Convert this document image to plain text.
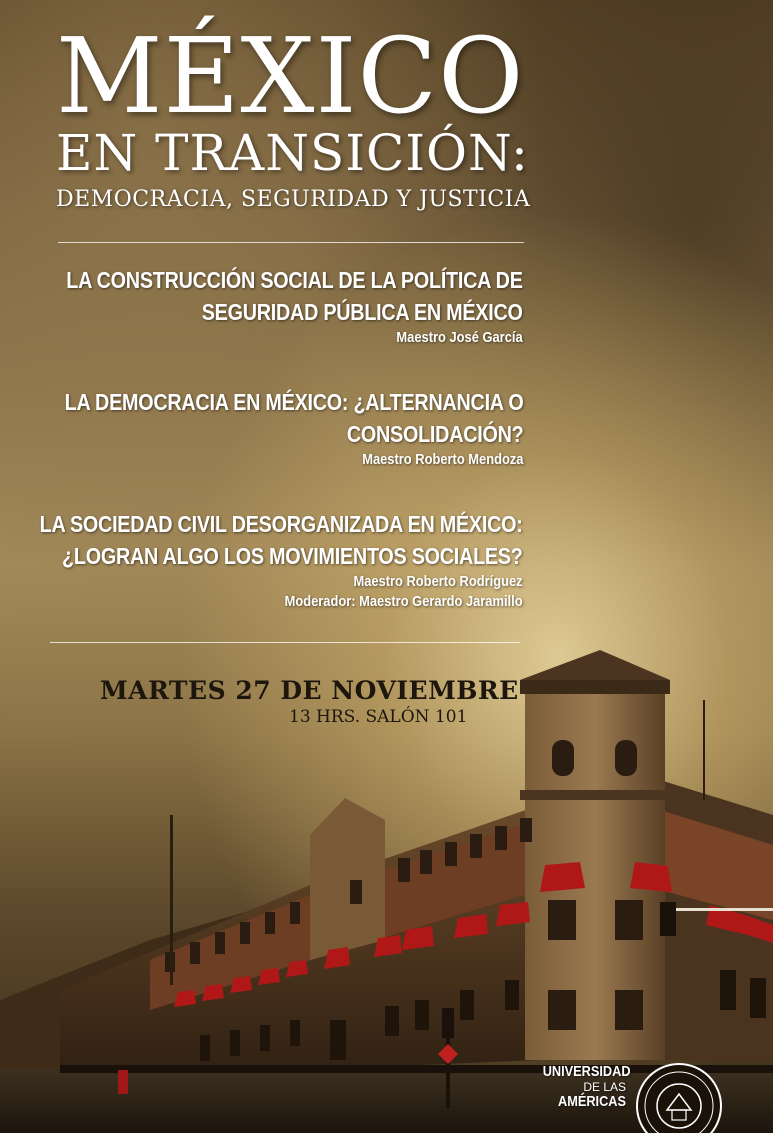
MÉXICO
EN TRANSICIÓN:
DEMOCRACIA, SEGURIDAD Y JUSTICIA

LA CONSTRUCCIÓN SOCIAL DE LA POLÍTICA DE

SEGURIDAD PÚBLICA EN MÉXICO

Maestro José García

LA DEMOCRACIA EN MÉXICO: ¿ALTERNANCIA O

CONSOLIDACIÓN?

Maestro Roberto Mendoza

LA SOCIEDAD CIVIL DESORGANIZADA EN MÉXICO:

¿LOGRAN ALGO LOS MOVIMIENTOS SOCIALES?

Maestro Roberto Rodríguez

Moderador: Maestro Gerardo Jaramillo

MARTES 27 DE NOVIEMBRE

13 HRS. SALÓN 101

UNIVERSIDAD
DE LAS
AMÉRICAS
